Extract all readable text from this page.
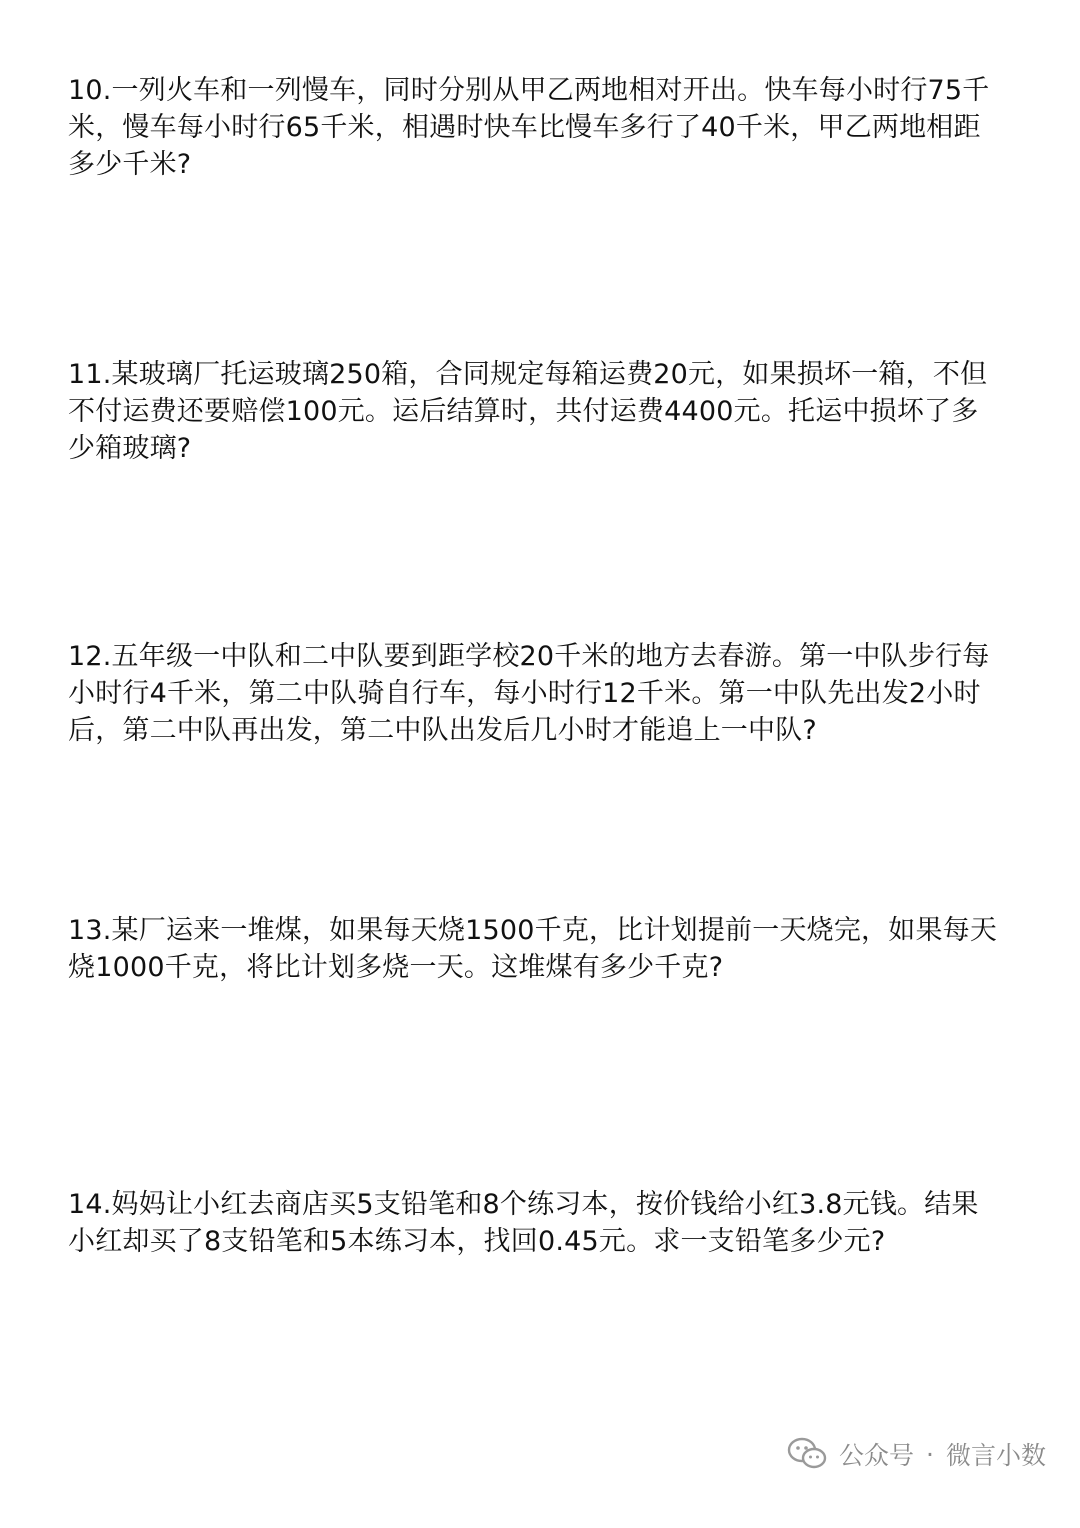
10.一列火车和一列慢车，同时分别从甲乙两地相对开出。快车每小时行75千米，慢车每小时行65千米，相遇时快车比慢车多行了40千米，甲乙两地相距多少千米?

11.某玻璃厂托运玻璃250箱，合同规定每箱运费20元，如果损坏一箱，不但不付运费还要赔偿100元。运后结算时，共付运费4400元。托运中损坏了多少箱玻璃?

12.五年级一中队和二中队要到距学校20千米的地方去春游。第一中队步行每小时行4千米，第二中队骑自行车，每小时行12千米。第一中队先出发2小时后，第二中队再出发，第二中队出发后几小时才能追上一中队?

13.某厂运来一堆煤，如果每天烧1500千克，比计划提前一天烧完，如果每天烧1000千克，将比计划多烧一天。这堆煤有多少千克?

14.妈妈让小红去商店买5支铅笔和8个练习本，按价钱给小红3.8元钱。结果小红却买了8支铅笔和5本练习本，找回0.45元。求一支铅笔多少元?

公众号 · 微言小数
